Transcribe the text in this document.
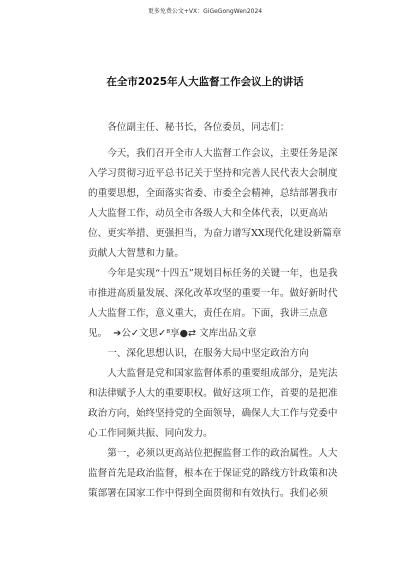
更多免费公文+VX：GiGeGongWen2024
在全市2025年人大监督工作会议上的讲话

各位副主任、秘书长，各位委员，同志们：

今天，我们召开全市人大监督工作会议，主要任务是深入学习贯彻习近平总书记关于坚持和完善人民代表大会制度的重要思想，全面落实省委、市委全会精神，总结部署我市人大监督工作，动员全市各级人大和全体代表，以更高站位、更实举措、更强担当，为奋力谱写XX现代化建设新篇章贡献人大智慧和力量。

今年是实现“十四五”规划目标任务的关键一年，也是我市推进高质量发展、深化改革攻坚的重要一年。做好新时代人大监督工作，意义重大，责任在肩。下面，我讲三点意见。 ➔公✓文思✓⁸享●⇄ 文库出品文章

一、深化思想认识，在服务大局中坚定政治方向

人大监督是党和国家监督体系的重要组成部分，是宪法和法律赋予人大的重要职权。做好这项工作，首要的是把准政治方向，始终坚持党的全面领导，确保人大工作与党委中心工作同频共振、同向发力。

第一，必须以更高站位把握监督工作的政治属性。人大监督首先是政治监督，根本在于保证党的路线方针政策和决策部署在国家工作中得到全面贯彻和有效执行。我们必须
